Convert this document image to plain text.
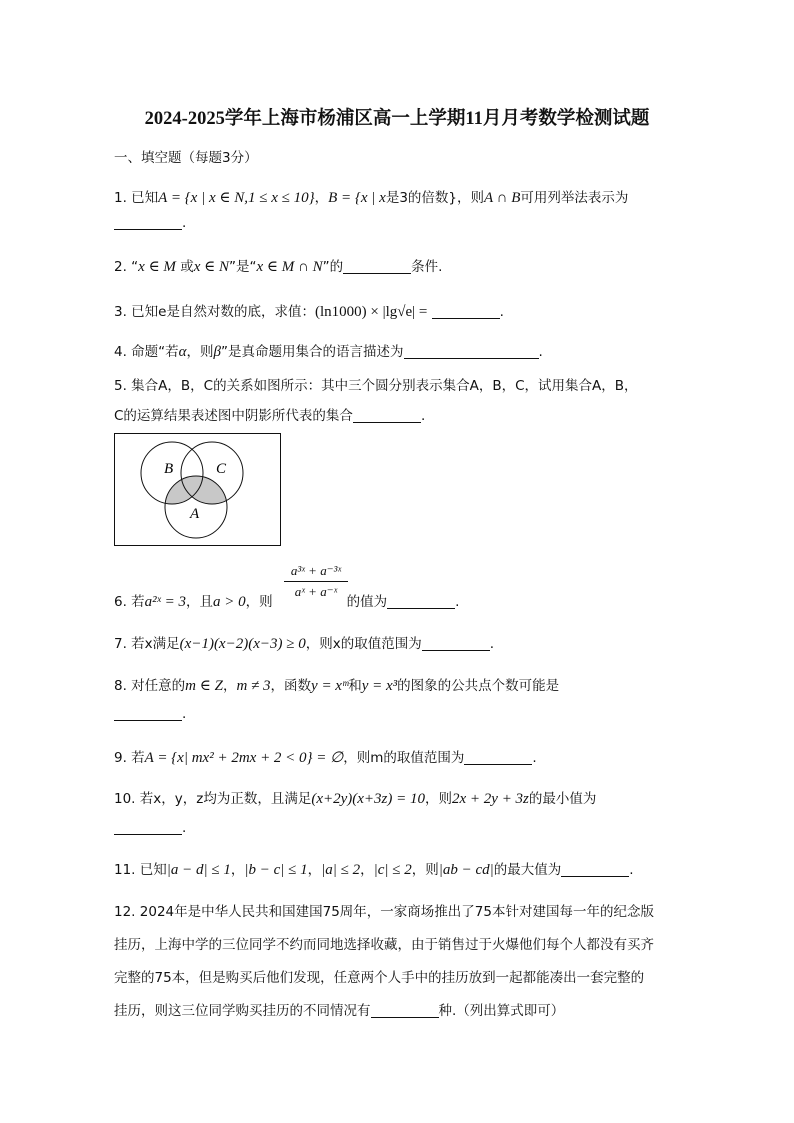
2024-2025学年上海市杨浦区高一上学期11月月考数学检测试题
一、填空题（每题3分）
1. 已知A = {x | x ∈ N,1 ≤ x ≤ 10}，B = {x | x是3的倍数}，则A ∩ B可用列举法表示为
.
2. “x ∈ M 或x ∈ N”是“x ∈ M ∩ N”的	条件.
3. 已知e是自然对数的底，求值：(ln1000) × |lg√e| =	.
4. 命题“若α，则β”是真命题用集合的语言描述为	.
5. 集合A，B，C的关系如图所示：其中三个圆分别表示集合A，B，C，试用集合A，B，
C的运算结果表述图中阴影所代表的集合	.
B	C
A
6. 若a²ˣ = 3，且a > 0，则	的值为	.
$\frac{\text{a³ˣ + a⁻³ˣ}}{\text{aˣ + a⁻ˣ}}$
7. 若x满足(x−1)(x−2)(x−3) ≥ 0，则x的取值范围为	.
8. 对任意的m ∈ Z，m ≠ 3，函数y = xᵐ和y = x³的图象的公共点个数可能是
.
9. 若A = {x| mx² + 2mx + 2 < 0} = ∅，则m的取值范围为	.
10. 若x，y，z均为正数，且满足(x+2y)(x+3z) = 10，则2x + 2y + 3z的最小值为
.
11. 已知|a − d| ≤ 1，|b − c| ≤ 1，|a| ≤ 2，|c| ≤ 2，则|ab − cd|的最大值为	.
12. 2024年是中华人民共和国建国75周年，一家商场推出了75本针对建国每一年的纪念版
挂历，上海中学的三位同学不约而同地选择收藏，由于销售过于火爆他们每个人都没有买齐
完整的75本，但是购买后他们发现，任意两个人手中的挂历放到一起都能凑出一套完整的
挂历，则这三位同学购买挂历的不同情况有	种.（列出算式即可）
